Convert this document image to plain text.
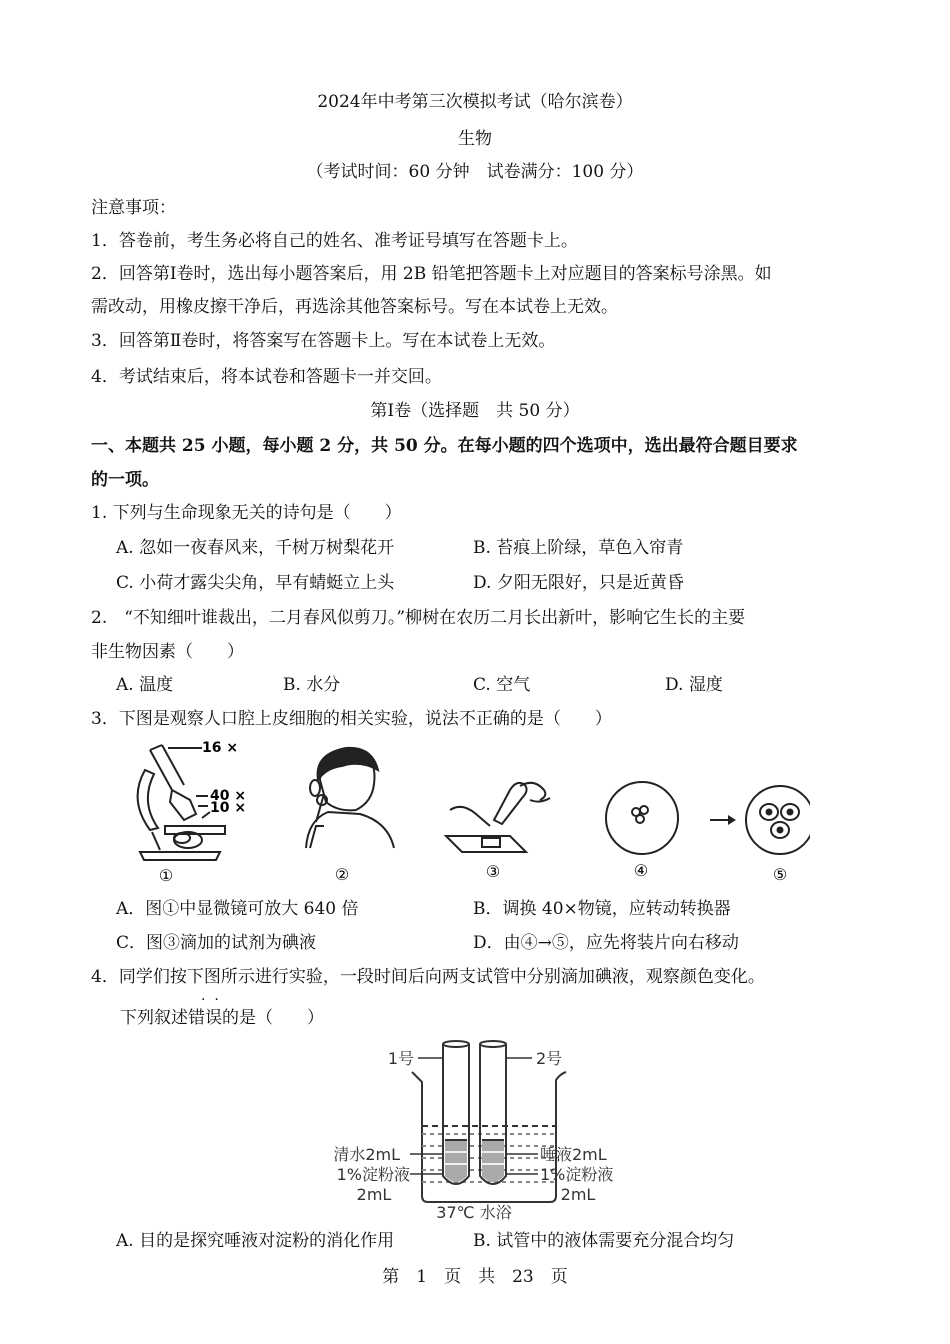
2024年中考第三次模拟考试（哈尔滨卷）
生物
（考试时间：60 分钟　试卷满分：100 分）
注意事项：
1．答卷前，考生务必将自己的姓名、准考证号填写在答题卡上。
2．回答第Ⅰ卷时，选出每小题答案后，用 2B 铅笔把答题卡上对应题目的答案标号涂黑。如
需改动，用橡皮擦干净后，再选涂其他答案标号。写在本试卷上无效。
3．回答第Ⅱ卷时，将答案写在答题卡上。写在本试卷上无效。
4．考试结束后，将本试卷和答题卡一并交回。
第Ⅰ卷（选择题　共 50 分）
一、本题共 25 小题，每小题 2 分，共 50 分。在每小题的四个选项中，选出最符合题目要求
的一项。
1. 下列与生命现象无关的诗句是（　　）
A. 忽如一夜春风来，千树万树梨花开	B. 苔痕上阶绿，草色入帘青
C. 小荷才露尖尖角，早有蜻蜓立上头	D. 夕阳无限好，只是近黄昏
2.　“不知细叶谁裁出，二月春风似剪刀。”柳树在农历二月长出新叶，影响它生长的主要
非生物因素（　　）
A. 温度	B. 水分	C. 空气	D. 湿度
3．下图是观察人口腔上皮细胞的相关实验，说法不正确的是（　　）
16 ×
40 ×
10 ×
①	②	③	④	⑤
A．图①中显微镜可放大 640 倍	B．调换 40×物镜，应转动转换器
C．图③滴加的试剂为碘液	D．由④→⑤，应先将装片向右移动
4．同学们按下图所示进行实验，一段时间后向两支试管中分别滴加碘液，观察颜色变化。
·  ·
下列叙述错误的是（　　）
1号	2号
清水2mL
1%淀粉液
2mL
唾液2mL
1%淀粉液
2mL
37℃ 水浴
A. 目的是探究唾液对淀粉的消化作用	B. 试管中的液体需要充分混合均匀
第　1　页　共　23　页
